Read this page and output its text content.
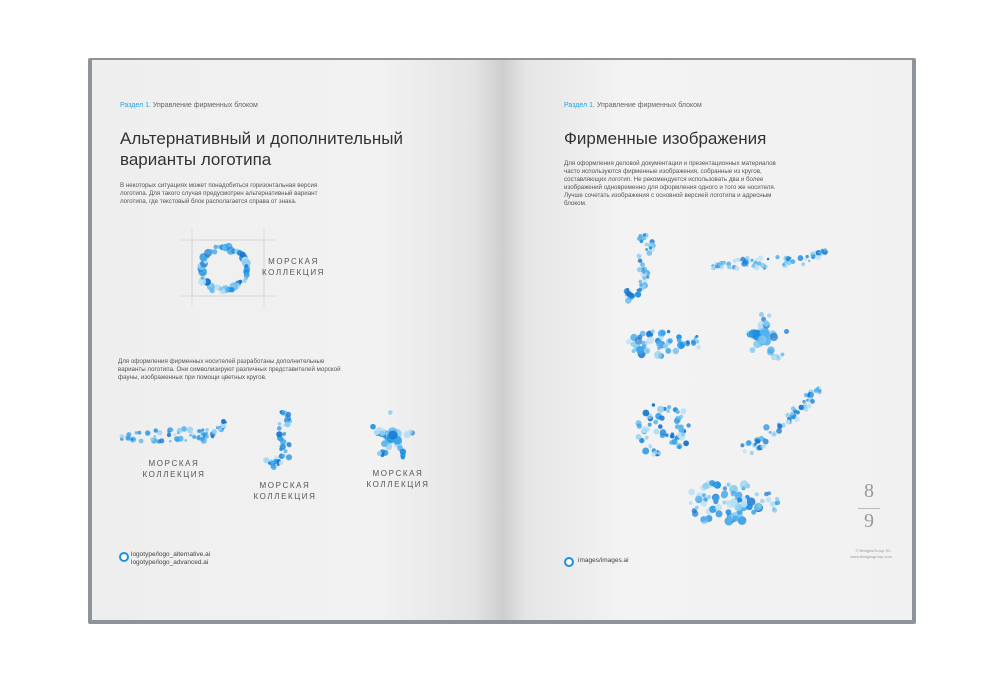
Раздел 1. Управление фирменных блоком
Альтернативный и дополнительный
варианты логотипа

В некоторых ситуациях может понадобиться горизонтальная версия логотипа. Для такого случая предусмотрен альтернативный вариант логотипа, где текстовый блок располагается справа от знака.

МОРСКАЯ
КОЛЛЕКЦИЯ

Для оформления фирменных носителей разработаны дополнительные варианты логотипа. Они символизируют различных представителей морской фауны, изображенных при помощи цветных кругов.

МОРСКАЯ
КОЛЛЕКЦИЯ
МОРСКАЯ
КОЛЛЕКЦИЯ
МОРСКАЯ
КОЛЛЕКЦИЯ
logotype/logo_alternative.ai
logotype/logo_advanced.ai
Раздел 1. Управление фирменных блоком
Фирменные изображения

Для оформления деловой документации и презентационных материалов часто используются фирменные изображения, собранные из кругов, составляющих логотип. Не рекомендуется использовать два и более изображений одновременно для оформления одного и того же носителя. Лучше сочетать изображения с основной версией логотипа и адресным блоком.

images/images.ai
8
9
© BridgesGroup 20..
www.bridgesgroup.com
